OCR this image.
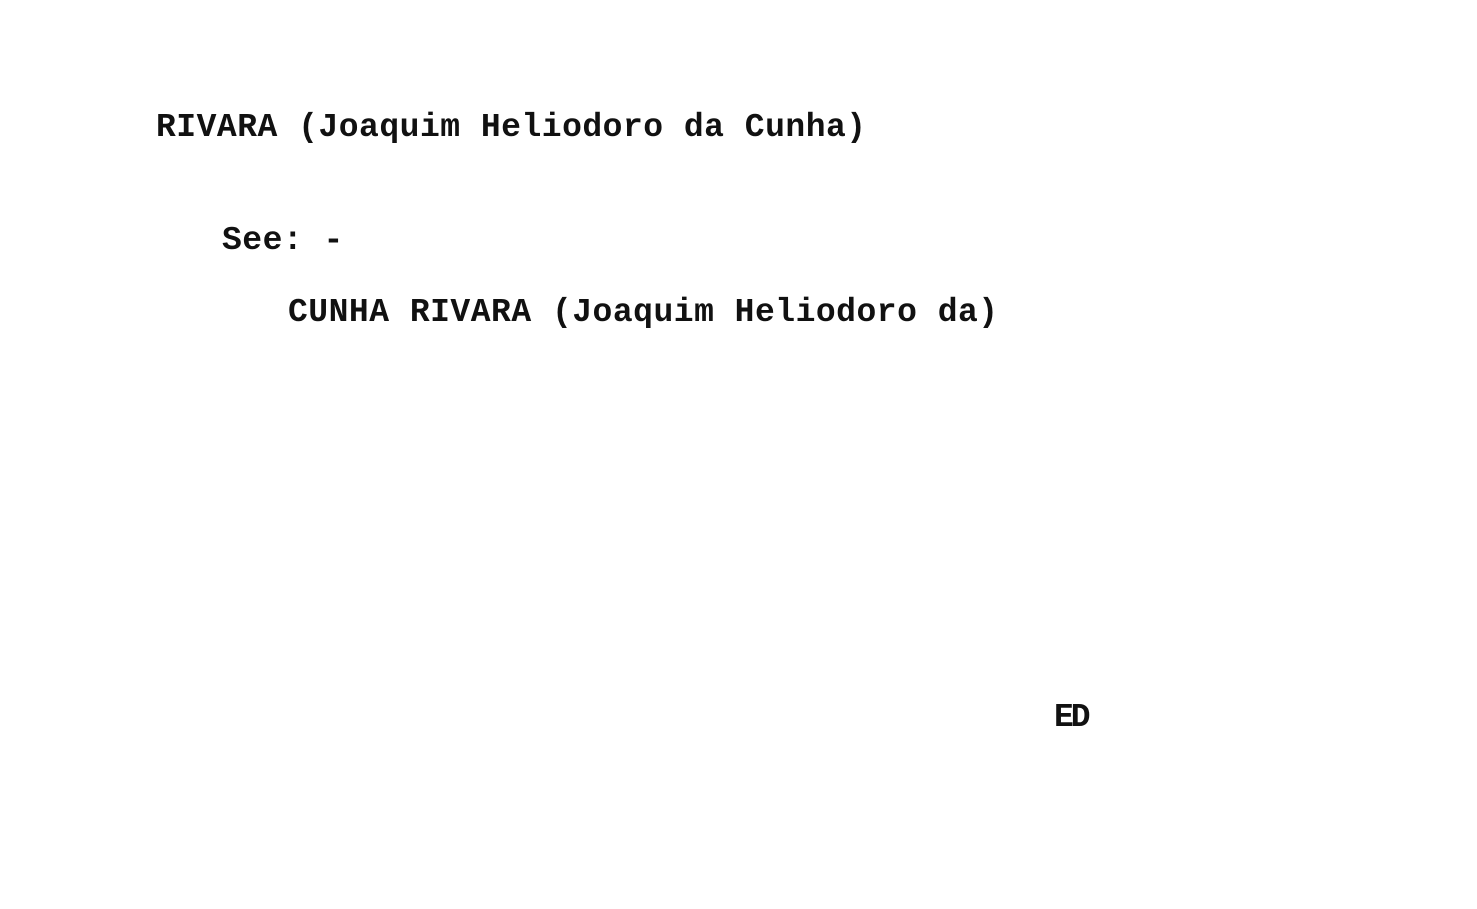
RIVARA (Joaquim Heliodoro da Cunha)

See: -

CUNHA RIVARA (Joaquim Heliodoro da)

ED
